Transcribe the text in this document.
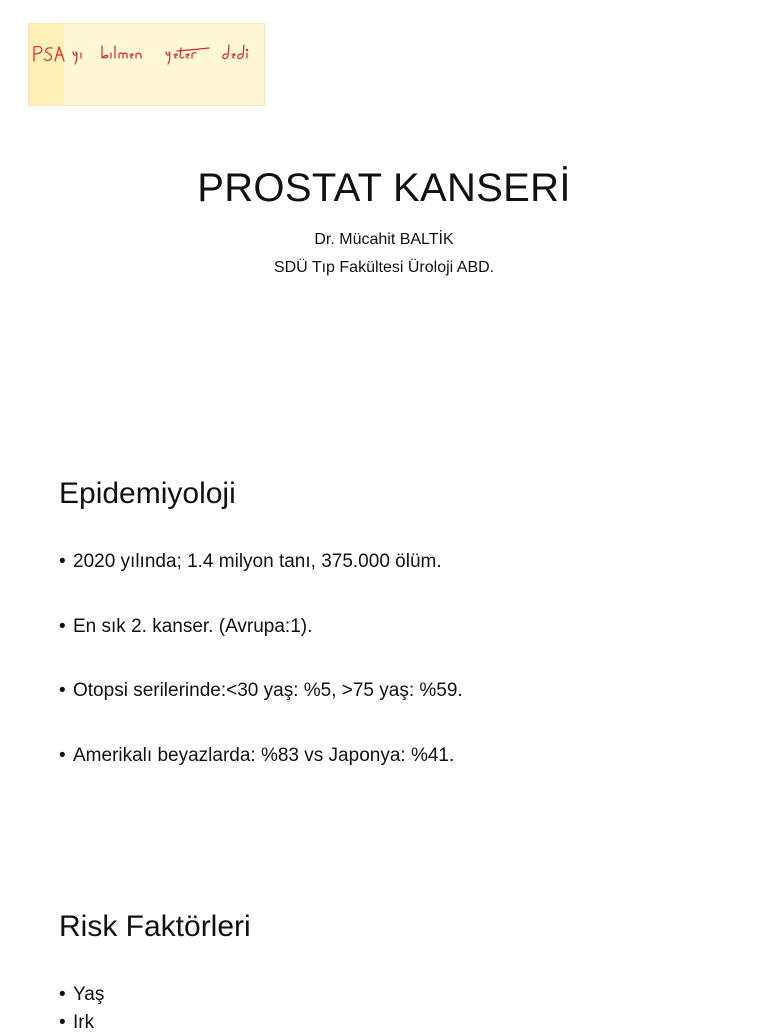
PROSTAT KANSERİ
Dr. Mücahit BALTİK
SDÜ Tıp Fakültesi Üroloji ABD.
Epidemiyoloji
• 2020 yılında; 1.4 milyon tanı, 375.000 ölüm.
• En sık 2. kanser. (Avrupa:1).
• Otopsi serilerinde:<30 yaş: %5, >75 yaş: %59.
• Amerikalı beyazlarda: %83 vs Japonya: %41.
Risk Faktörleri
• Yaş
• Irk
